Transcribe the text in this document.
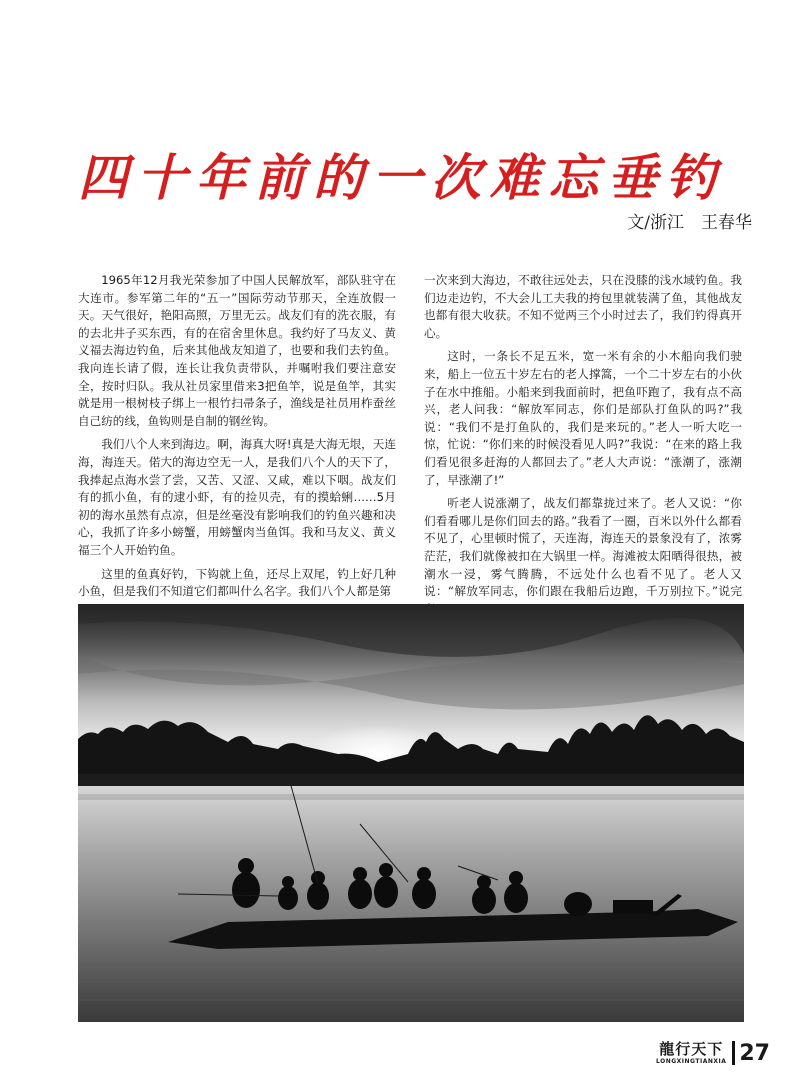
四 十 年 前 的 一 次 难 忘 垂 钓
文/浙江　王春华

1965年12月我光荣参加了中国人民解放军，部队驻守在大连市。参军第二年的“五一”国际劳动节那天，全连放假一天。天气很好，艳阳高照，万里无云。战友们有的洗衣服，有的去北井子买东西，有的在宿舍里休息。我约好了马友义、黄义福去海边钓鱼，后来其他战友知道了，也要和我们去钓鱼。我向连长请了假，连长让我负责带队，并嘱咐我们要注意安全，按时归队。我从社员家里借来3把鱼竿，说是鱼竿，其实就是用一根树枝子绑上一根竹扫帚条子，渔线是社员用柞蚕丝自己纺的线，鱼钩则是自制的钢丝钩。

我们八个人来到海边。啊，海真大呀!真是大海无垠，天连海，海连天。偌大的海边空无一人，是我们八个人的天下了，我捧起点海水尝了尝，又苦、又涩、又咸，难以下咽。战友们有的抓小鱼，有的逮小虾，有的捡贝壳，有的摸蛤蜊……5月初的海水虽然有点凉，但是丝毫没有影响我们的钓鱼兴趣和决心，我抓了许多小螃蟹，用螃蟹肉当鱼饵。我和马友义、黄义福三个人开始钓鱼。

这里的鱼真好钓，下钩就上鱼，还尽上双尾，钓上好几种小鱼，但是我们不知道它们都叫什么名字。我们八个人都是第

一次来到大海边，不敢往远处去，只在没膝的浅水域钓鱼。我们边走边钓，不大会儿工夫我的挎包里就装满了鱼，其他战友也都有很大收获。不知不觉两三个小时过去了，我们钓得真开心。

这时，一条长不足五米，宽一米有余的小木船向我们驶来，船上一位五十岁左右的老人撑篙，一个二十岁左右的小伙子在水中推船。小船来到我面前时，把鱼吓跑了，我有点不高兴，老人问我：“解放军同志，你们是部队打鱼队的吗?”我说：“我们不是打鱼队的，我们是来玩的。”老人一听大吃一惊，忙说：“你们来的时候没看见人吗?”我说：“在来的路上我们看见很多赶海的人都回去了。”老人大声说：“涨潮了，涨潮了，早涨潮了!”

听老人说涨潮了，战友们都靠拢过来了。老人又说：“你们看看哪儿是你们回去的路。”我看了一圈，百米以外什么都看不见了，心里顿时慌了，天连海，海连天的景象没有了，浓雾茫茫，我们就像被扣在大锅里一样。海滩被太阳晒得很热，被潮水一浸，雾气腾腾，不远处什么也看不见了。老人又说：“解放军同志，你们跟在我船后边跑，千万别拉下。”说完

龍行天下
LONGXINGTIANXIA 27
